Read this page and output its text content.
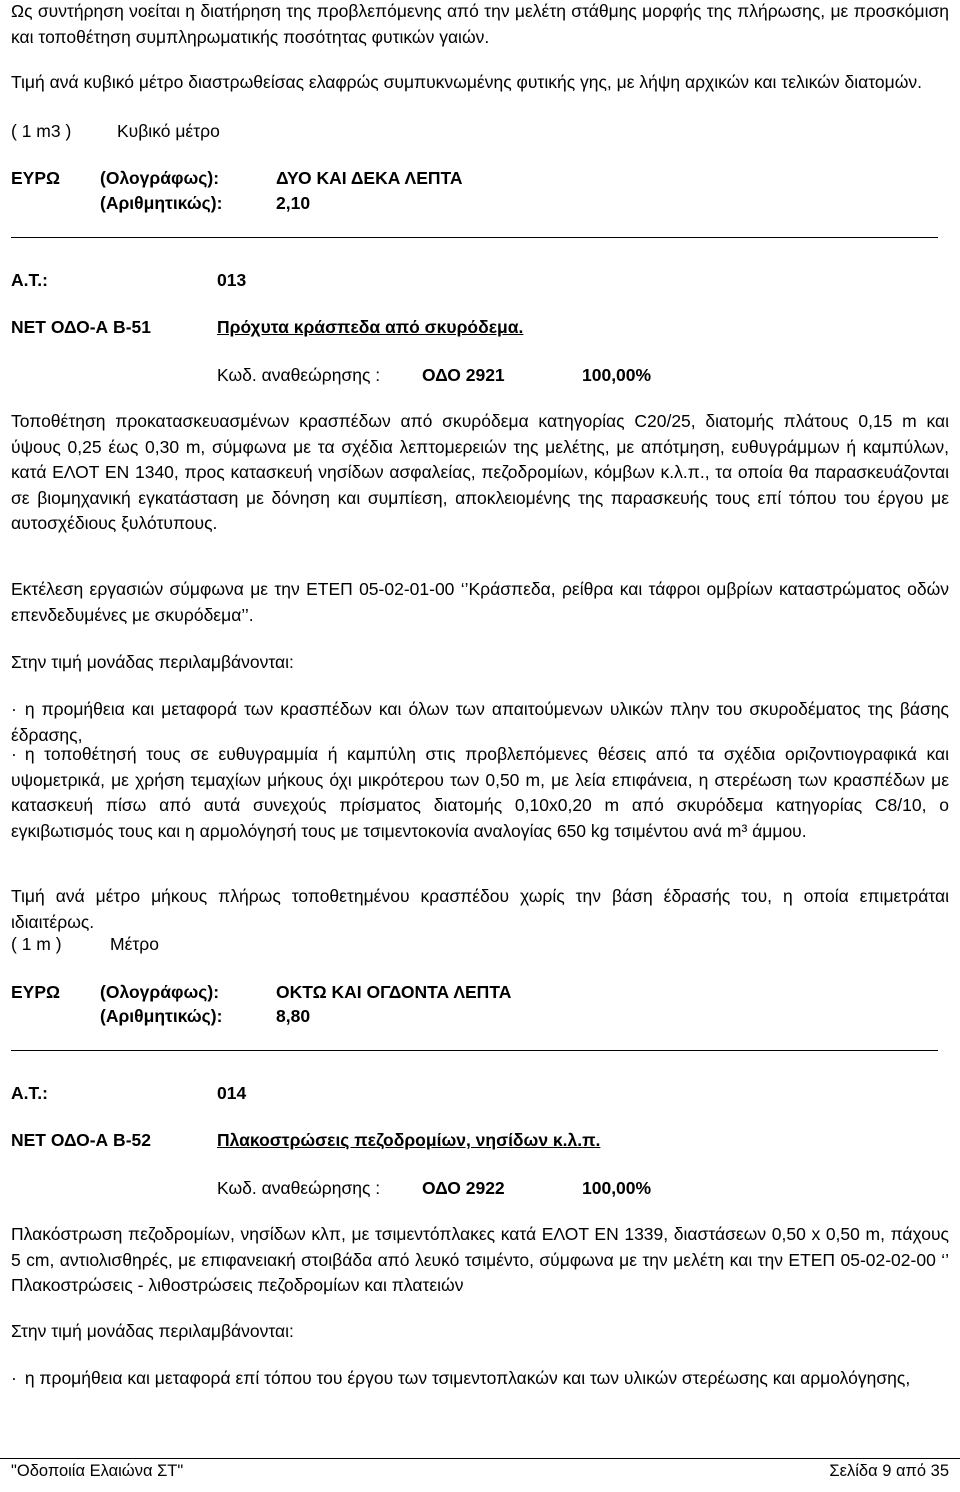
Ως συντήρηση νοείται η διατήρηση της προβλεπόμενης από την μελέτη στάθμης μορφής της πλήρωσης, με προσκόμιση και τοποθέτηση συμπληρωματικής ποσότητας φυτικών γαιών.

Τιμή ανά κυβικό μέτρο διαστρωθείσας ελαφρώς συμπυκνωμένης φυτικής γης, με λήψη αρχικών και τελικών διατομών.

( 1 m3 )	Κυβικό μέτρο
ΕΥΡΩ (Ολογράφως):	ΔΥΟ ΚΑΙ ΔΕΚΑ ΛΕΠΤΑ
(Αριθμητικώς):	2,10
Α.Τ.:	013
ΝΕΤ ΟΔΟ-Α Β-51	Πρόχυτα κράσπεδα από σκυρόδεμα.
Κωδ. αναθεώρησης : ΟΔΟ 2921	100,00%

Τοποθέτηση προκατασκευασμένων κρασπέδων από σκυρόδεμα κατηγορίας C20/25, διατομής πλάτους 0,15 m και ύψους 0,25 έως 0,30 m, σύμφωνα με τα σχέδια λεπτομερειών της μελέτης, με απότμηση, ευθυγράμμων ή καμπύλων, κατά ΕΛΟΤ ΕΝ 1340, προς κατασκευή νησίδων ασφαλείας, πεζοδρομίων, κόμβων κ.λ.π., τα οποία θα παρασκευάζονται σε βιομηχανική εγκατάσταση με δόνηση και συμπίεση, αποκλειομένης της παρασκευής τους επί τόπου του έργου με αυτοσχέδιους ξυλότυπους.

Εκτέλεση εργασιών σύμφωνα με την ΕΤΕΠ 05-02-01-00 ‘’Κράσπεδα, ρείθρα και τάφροι ομβρίων καταστρώματος οδών επενδεδυμένες με σκυρόδεμα’’.

Στην τιμή μονάδας περιλαμβάνονται:

· η προμήθεια και μεταφορά των κρασπέδων και όλων των απαιτούμενων υλικών πλην του σκυροδέματος της βάσης έδρασης,

· η τοποθέτησή τους σε ευθυγραμμία ή καμπύλη στις προβλεπόμενες θέσεις από τα σχέδια οριζοντιογραφικά και υψομετρικά, με χρήση τεμαχίων μήκους όχι μικρότερου των 0,50 m, με λεία επιφάνεια, η στερέωση των κρασπέδων με κατασκευή πίσω από αυτά συνεχούς πρίσματος διατομής 0,10x0,20 m από σκυρόδεμα κατηγορίας C8/10, ο εγκιβωτισμός τους και η αρμολόγησή τους με τσιμεντοκονία αναλογίας 650 kg τσιμέντου ανά m³ άμμου.

Τιμή ανά μέτρο μήκους πλήρως τοποθετημένου κρασπέδου χωρίς την βάση έδρασής του, η οποία επιμετράται ιδιαιτέρως.

( 1 m )	Μέτρο
ΕΥΡΩ (Ολογράφως):	ΟΚΤΩ ΚΑΙ ΟΓΔΟΝΤΑ ΛΕΠΤΑ
(Αριθμητικώς):	8,80
Α.Τ.:	014
ΝΕΤ ΟΔΟ-Α Β-52	Πλακοστρώσεις πεζοδρομίων, νησίδων κ.λ.π.
Κωδ. αναθεώρησης : ΟΔΟ 2922	100,00%

Πλακόστρωση πεζοδρομίων, νησίδων κλπ, με τσιμεντόπλακες κατά ΕΛΟΤ ΕΝ 1339, διαστάσεων 0,50 x 0,50 m, πάχους 5 cm, αντιολισθηρές, με επιφανειακή στοιβάδα από λευκό τσιμέντο, σύμφωνα με την μελέτη και την ΕΤΕΠ 05-02-02-00 ‘’ Πλακοστρώσεις - λιθοστρώσεις πεζοδρομίων και πλατειών

Στην τιμή μονάδας περιλαμβάνονται:

· η προμήθεια και μεταφορά επί τόπου του έργου των τσιμεντοπλακών και των υλικών στερέωσης και αρμολόγησης,

"Οδοποιία Ελαιώνα ΣΤ"	Σελίδα 9 από 35
